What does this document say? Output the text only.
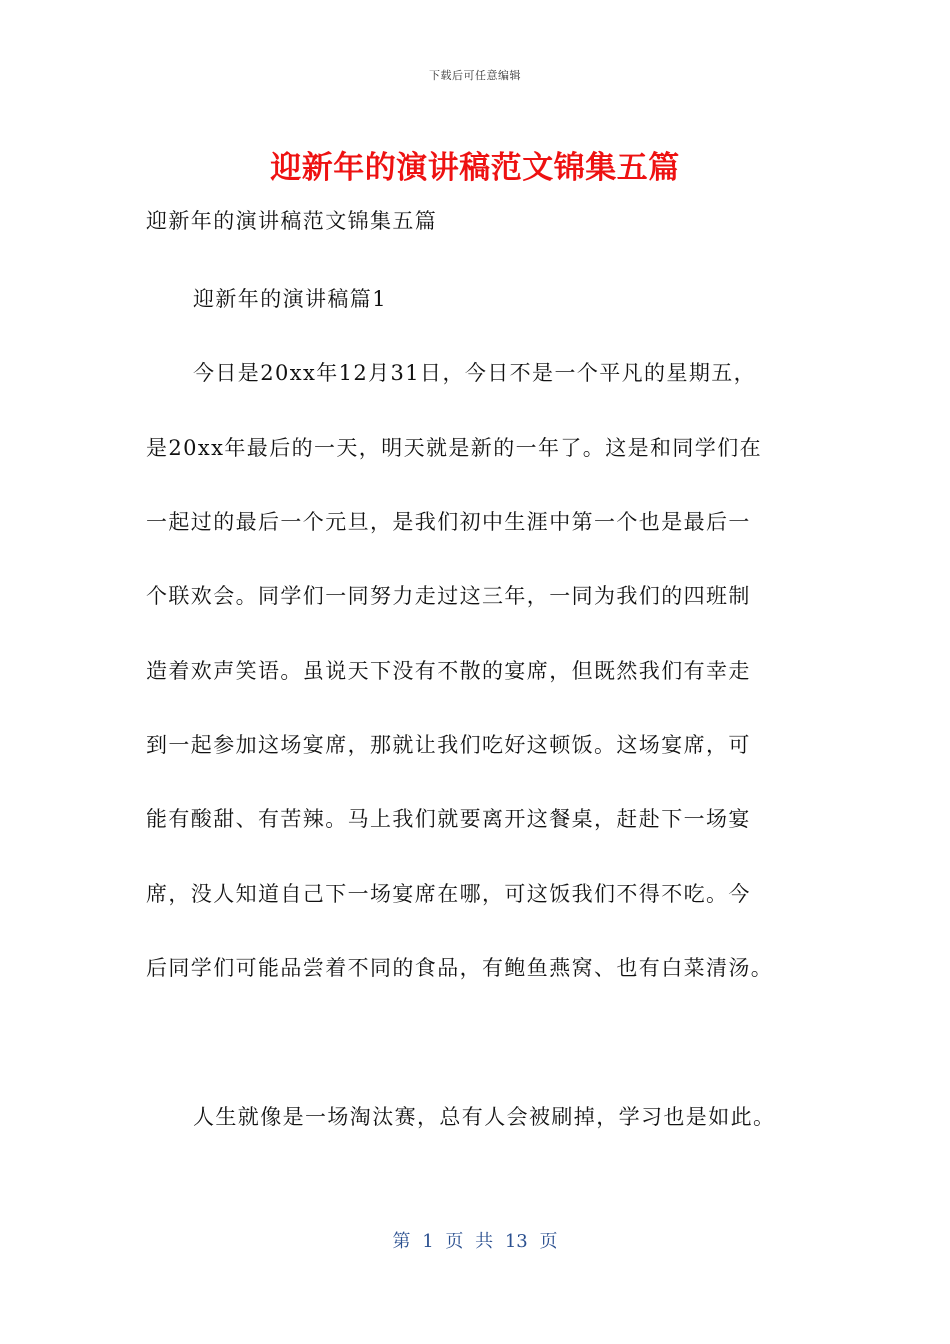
下载后可任意编辑
迎新年的演讲稿范文锦集五篇
迎新年的演讲稿范文锦集五篇
迎新年的演讲稿篇1
今日是20xx年12月31日，今日不是一个平凡的星期五，
是20xx年最后的一天，明天就是新的一年了。这是和同学们在
一起过的最后一个元旦，是我们初中生涯中第一个也是最后一
个联欢会。同学们一同努力走过这三年，一同为我们的四班制
造着欢声笑语。虽说天下没有不散的宴席，但既然我们有幸走
到一起参加这场宴席，那就让我们吃好这顿饭。这场宴席，可
能有酸甜、有苦辣。马上我们就要离开这餐桌，赶赴下一场宴
席，没人知道自己下一场宴席在哪，可这饭我们不得不吃。今
后同学们可能品尝着不同的食品，有鲍鱼燕窝、也有白菜清汤。
人生就像是一场淘汰赛，总有人会被刷掉，学习也是如此。
第 1 页 共 13 页
